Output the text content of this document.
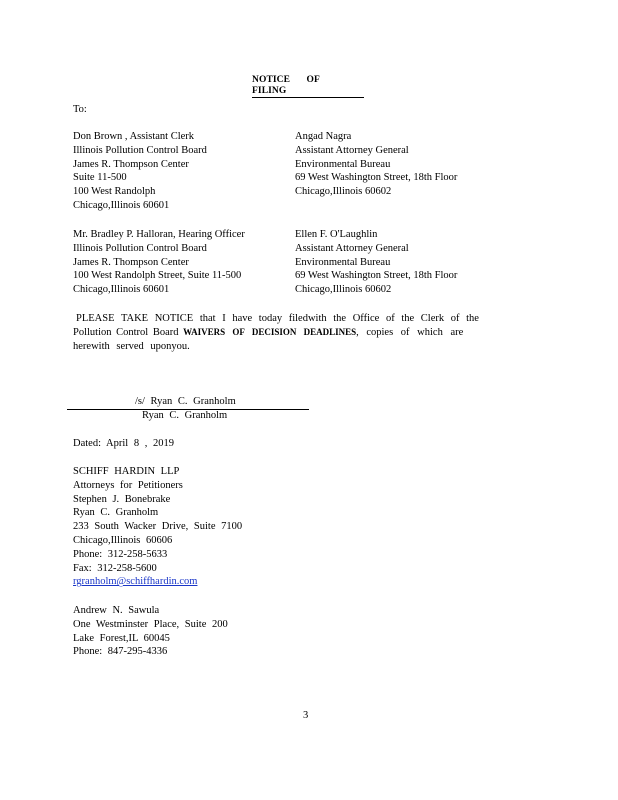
NOTICE OF FILING
To:
Don Brown , Assistant Clerk
Illinois Pollution Control Board
James R. Thompson Center
Suite 11-500
100 West Randolph
Chicago,Illinois 60601
Mr. Bradley P. Halloran, Hearing Officer
Illinois Pollution Control Board
James R. Thompson Center
100 West Randolph Street, Suite 11-500
Chicago,Illinois 60601
Angad Nagra
Assistant Attorney General
Environmental Bureau
69 West Washington Street, 18th Floor
Chicago,Illinois 60602
Ellen F. O'Laughlin
Assistant Attorney General
Environmental Bureau
69 West Washington Street, 18th Floor
Chicago,Illinois 60602
PLEASE TAKE NOTICE that I have today filedwith the Office of the Clerk of the
Pollution Control Board WAIVERS OF DECISION DEADLINES, copies of which are
herewith served uponyou.
/s/ Ryan C. Granholm
Ryan C. Granholm
Dated: April 8 , 2019
SCHIFF HARDIN LLP
Attorneys for Petitioners
Stephen J. Bonebrake
Ryan C. Granholm
233 South Wacker Drive, Suite 7100
Chicago,Illinois 60606
Phone: 312-258-5633
Fax: 312-258-5600
rgranholm@schiffhardin.com
Andrew N. Sawula
One Westminster Place, Suite 200
Lake Forest,IL 60045
Phone: 847-295-4336
3
